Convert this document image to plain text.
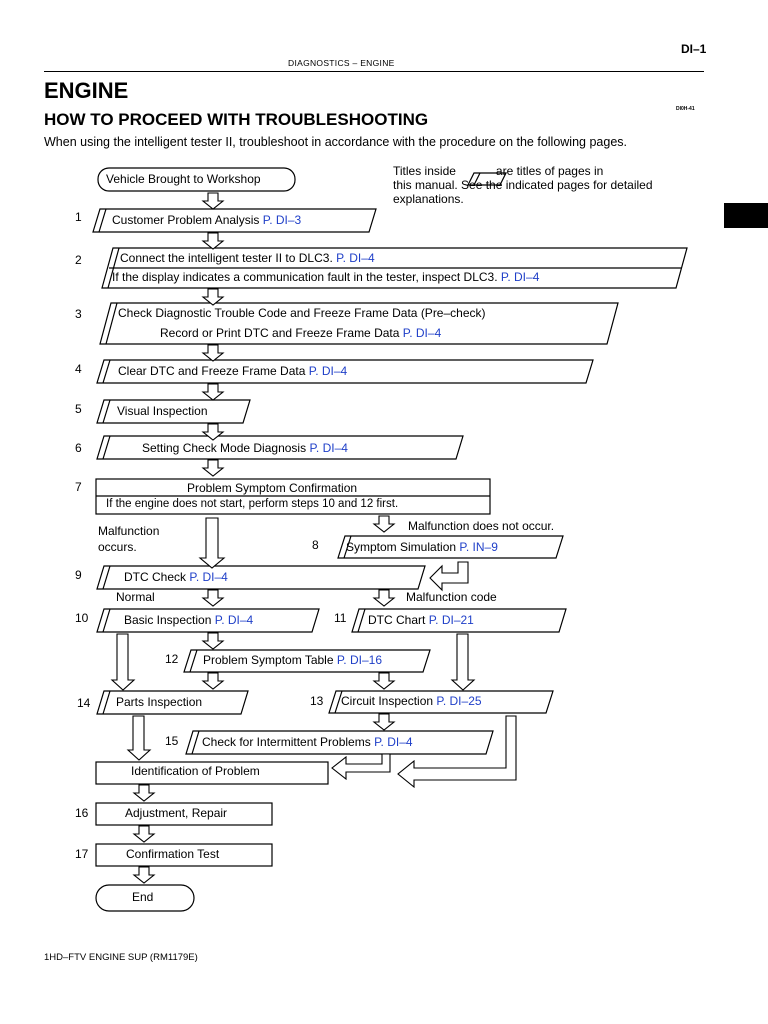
DI–1
DIAGNOSTICS – ENGINE
ENGINE
DI0H-41
HOW TO PROCEED WITH TROUBLESHOOTING
When using the intelligent tester II, troubleshoot in accordance with the procedure on the following pages.
Titles inside	are titles of pages in
this manual. See the indicated pages for detailed explanations.
1
2
3
4
5
6
7
8
9
10	11
12
14	13
15
16
17
Vehicle Brought to Workshop
Customer Problem Analysis P. DI–3
Connect the intelligent tester II to DLC3. P. DI–4
If the display indicates a communication fault in the tester, inspect DLC3. P. DI–4
Check Diagnostic Trouble Code and Freeze Frame Data (Pre–check)
Record or Print DTC and Freeze Frame Data P. DI–4
Clear DTC and Freeze Frame Data P. DI–4
Visual Inspection
Setting Check Mode Diagnosis P. DI–4
Problem Symptom Confirmation
If the engine does not start, perform steps 10 and 12 first.
Malfunction occurs.
Malfunction does not occur.
Symptom Simulation P. IN–9
DTC Check P. DI–4
Normal	Malfunction code
Basic Inspection P. DI–4	DTC Chart P. DI–21
Problem Symptom Table P. DI–16
Parts Inspection	Circuit Inspection P. DI–25
Check for Intermittent Problems P. DI–4
Identification of Problem
Adjustment, Repair
Confirmation Test
End
1HD–FTV ENGINE SUP (RM1179E)
